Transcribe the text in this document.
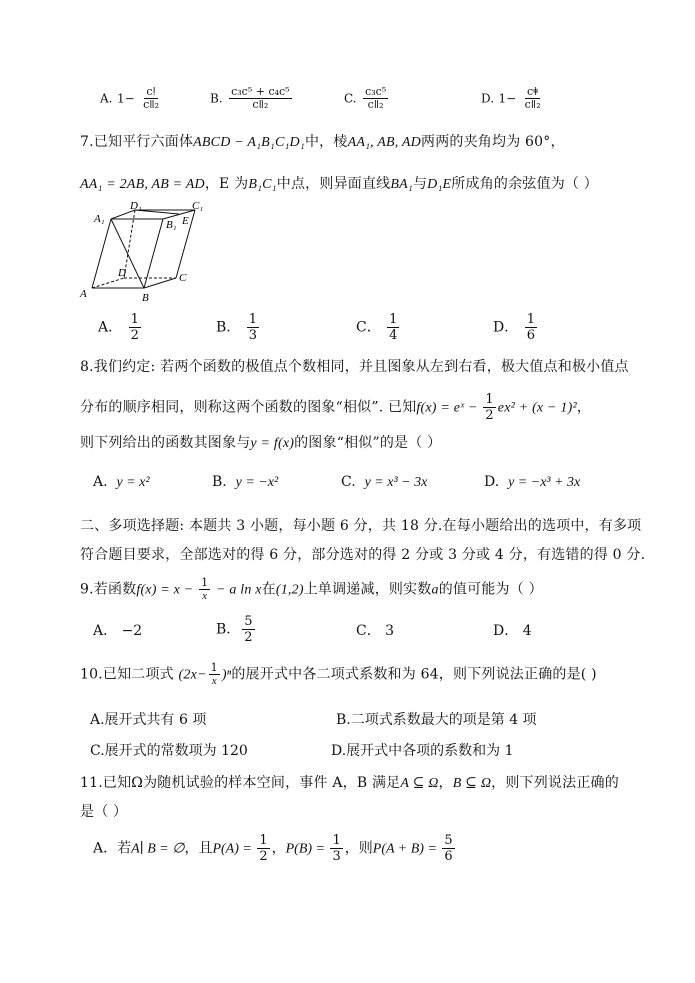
A. $1- \frac{cǃ}{\text{cǁ₂}}$	B. $\frac{\text{c₃c⁵ + c₄c⁵}}{\text{cǁ₂}}$	C. $\frac{\text{c₃c⁵}}{\text{cǁ₂}}$	D. $1- \frac{cǂ}{\text{cǁ₂}}$
7.已知平行六面体ABCD − A₁B₁C₁D₁中，棱AA₁, AB, AD两两的夹角均为 60°，
AA₁ = 2AB, AB = AD，E 为B₁C₁中点，则异面直线BA₁与D₁E所成角的余弦值为（ ）
D₁	C₁
A₁	B₁ E
D	C
A	B
A． $\frac{1}{2}$	B． $\frac{1}{3}$	C． $\frac{1}{4}$	D． $\frac{1}{6}$
8.我们约定: 若两个函数的极值点个数相同，并且图象从左到右看，极大值点和极小值点
分布的顺序相同，则称这两个函数的图象“相似”. 已知f(x) = eˣ − $\frac{1}{2} ex^2 + (x - 1)^2$，
则下列给出的函数其图象与y = f(x)的图象“相似”的是（ ）
A. y = x²	B. y = −x²	C. y = x³ − 3x	D. y = −x³ + 3x
二、多项选择题: 本题共 3 小题，每小题 6 分，共 18 分.在每小题给出的选项中，有多项
符合题目要求，全部选对的得 6 分，部分选对的得 2 分或 3 分或 4 分，有选错的得 0 分.
9.若函数$f(x) = x - \frac{1}{x} - a$ ln x在(1,2)上单调递减，则实数a的值可能为（ ）
A． −2	B． $\frac{5}{2}$	C． 3	D． 4
10.已知二项式 $(2x- \frac{1}{x} )^n$的展开式中各二项式系数和为 64，则下列说法正确的是( )
A.展开式共有 6 项	B.二项式系数最大的项是第 4 项
C.展开式的常数项为 120	D.展开式中各项的系数和为 1
11.已知Ω为随机试验的样本空间，事件 A，B 满足A ⊆ Ω，B ⊆ Ω，则下列说法正确的
是（ ）
A．若A∣ B = ∅，且$P(A) = \frac{1}{2}$ ，$P(B) = \frac{1}{3}$ ，则$P(A + B) = \frac{5}{6}$
